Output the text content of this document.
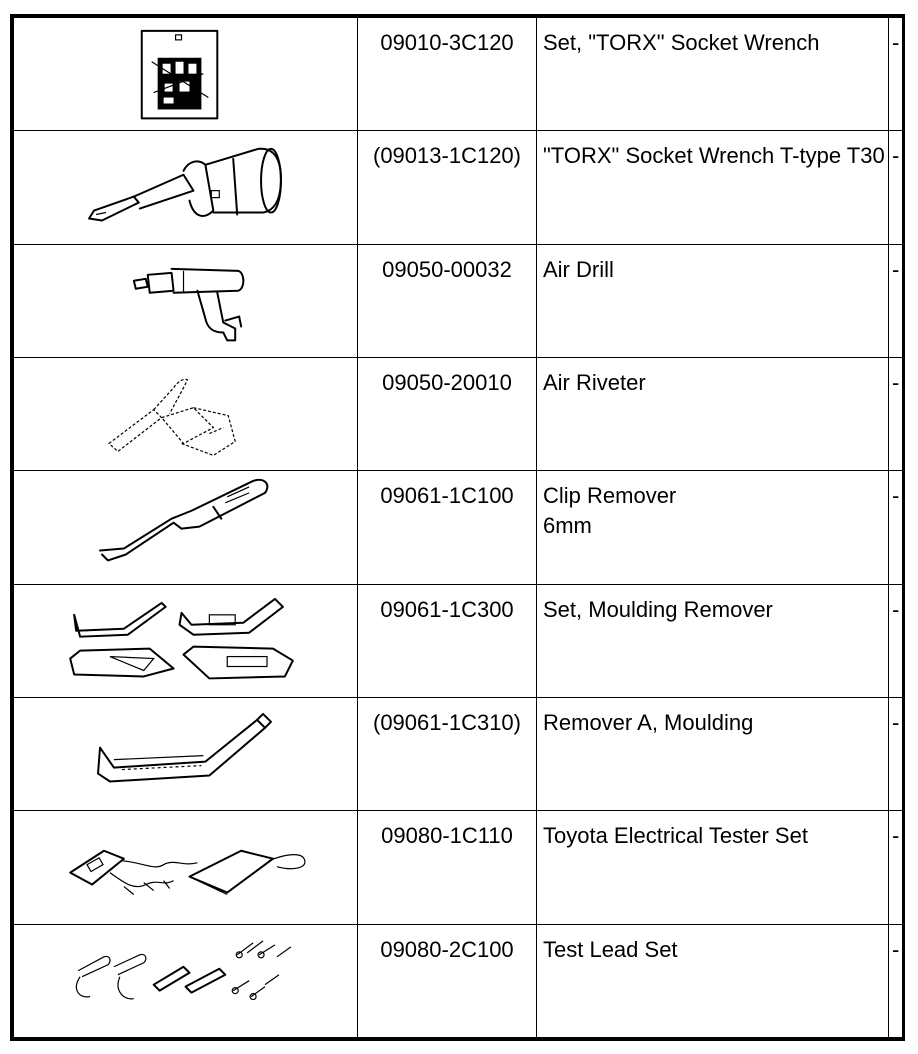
	09010-3C120	Set, "TORX" Socket Wrench	-

	(09013-1C120)	"TORX" Socket Wrench T-type T30	-

	09050-00032	Air Drill	-

	09050-20010	Air Riveter	-

	09061-1C100	Clip Remover
6mm	-

	09061-1C300	Set, Moulding Remover	-

	(09061-1C310)	Remover A, Moulding	-

	09080-1C110	Toyota Electrical Tester Set	-

	09080-2C100	Test Lead Set	-
